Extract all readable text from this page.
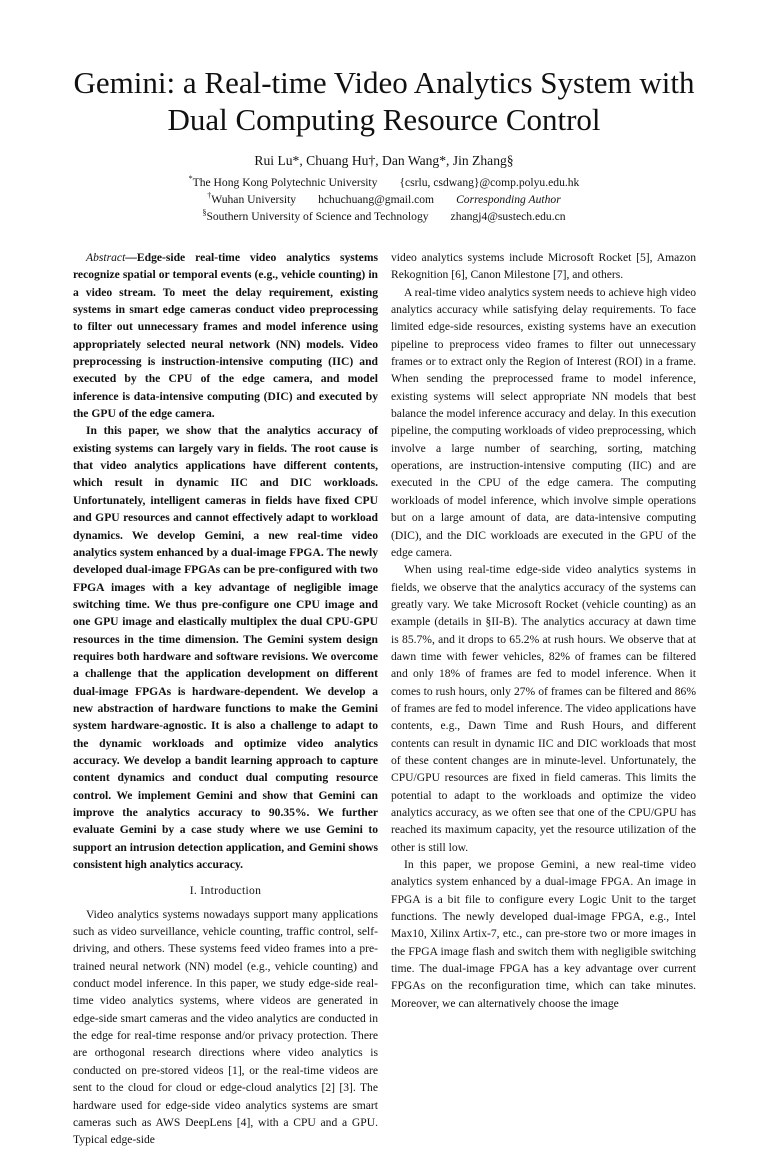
Gemini: a Real-time Video Analytics System with
Dual Computing Resource Control
Rui Lu*, Chuang Hu†, Dan Wang*, Jin Zhang§
*The Hong Kong Polytechnic University {csrlu, csdwang}@comp.polyu.edu.hk
†Wuhan University hchuchuang@gmail.com Corresponding Author
§Southern University of Science and Technology zhangj4@sustech.edu.cn

Abstract—Edge-side real-time video analytics systems recognize spatial or temporal events (e.g., vehicle counting) in a video stream. To meet the delay requirement, existing systems in smart edge cameras conduct video preprocessing to filter out unnecessary frames and model inference using appropriately selected neural network (NN) models. Video preprocessing is instruction-intensive computing (IIC) and executed by the CPU of the edge camera, and model inference is data-intensive computing (DIC) and executed by the GPU of the edge camera.

In this paper, we show that the analytics accuracy of existing systems can largely vary in fields. The root cause is that video analytics applications have different contents, which result in dynamic IIC and DIC workloads. Unfortunately, intelligent cameras in fields have fixed CPU and GPU resources and cannot effectively adapt to workload dynamics. We develop Gemini, a new real-time video analytics system enhanced by a dual-image FPGA. The newly developed dual-image FPGAs can be pre-configured with two FPGA images with a key advantage of negligible image switching time. We thus pre-configure one CPU image and one GPU image and elastically multiplex the dual CPU-GPU resources in the time dimension. The Gemini system design requires both hardware and software revisions. We overcome a challenge that the application development on different dual-image FPGAs is hardware-dependent. We develop a new abstraction of hardware functions to make the Gemini system hardware-agnostic. It is also a challenge to adapt to the dynamic workloads and optimize video analytics accuracy. We develop a bandit learning approach to capture content dynamics and conduct dual computing resource control. We implement Gemini and show that Gemini can improve the analytics accuracy to 90.35%. We further evaluate Gemini by a case study where we use Gemini to support an intrusion detection application, and Gemini shows consistent high analytics accuracy.

I. Introduction

Video analytics systems nowadays support many applications such as video surveillance, vehicle counting, traffic control, self-driving, and others. These systems feed video frames into a pre-trained neural network (NN) model (e.g., vehicle counting) and conduct model inference. In this paper, we study edge-side real-time video analytics systems, where videos are generated in edge-side smart cameras and the video analytics are conducted in the edge for real-time response and/or privacy protection. There are orthogonal research directions where video analytics is conducted on pre-stored videos [1], or the real-time videos are sent to the cloud for cloud or edge-cloud analytics [2] [3]. The hardware used for edge-side video analytics systems are smart cameras such as AWS DeepLens [4], with a CPU and a GPU. Typical edge-side

video analytics systems include Microsoft Rocket [5], Amazon Rekognition [6], Canon Milestone [7], and others.

A real-time video analytics system needs to achieve high video analytics accuracy while satisfying delay requirements. To face limited edge-side resources, existing systems have an execution pipeline to preprocess video frames to filter out unnecessary frames or to extract only the Region of Interest (ROI) in a frame. When sending the preprocessed frame to model inference, existing systems will select appropriate NN models that best balance the model inference accuracy and delay. In this execution pipeline, the computing workloads of video preprocessing, which involve a large number of searching, sorting, matching operations, are instruction-intensive computing (IIC) and are executed in the CPU of the edge camera. The computing workloads of model inference, which involve simple operations but on a large amount of data, are data-intensive computing (DIC), and the DIC workloads are executed in the GPU of the edge camera.

When using real-time edge-side video analytics systems in fields, we observe that the analytics accuracy of the systems can greatly vary. We take Microsoft Rocket (vehicle counting) as an example (details in §II-B). The analytics accuracy at dawn time is 85.7%, and it drops to 65.2% at rush hours. We observe that at dawn time with fewer vehicles, 82% of frames can be filtered and only 18% of frames are fed to model inference. When it comes to rush hours, only 27% of frames can be filtered and 86% of frames are fed to model inference. The video applications have contents, e.g., Dawn Time and Rush Hours, and different contents can result in dynamic IIC and DIC workloads that most of these content changes are in minute-level. Unfortunately, the CPU/GPU resources are fixed in field cameras. This limits the potential to adapt to the workloads and optimize the video analytics accuracy, as we often see that one of the CPU/GPU has reached its maximum capacity, yet the resource utilization of the other is still low.

In this paper, we propose Gemini, a new real-time video analytics system enhanced by a dual-image FPGA. An image in FPGA is a bit file to configure every Logic Unit to the target functions. The newly developed dual-image FPGA, e.g., Intel Max10, Xilinx Artix-7, etc., can pre-store two or more images in the FPGA image flash and switch them with negligible switching time. The dual-image FPGA has a key advantage over current FPGAs on the reconfiguration time, which can take minutes. Moreover, we can alternatively choose the image
